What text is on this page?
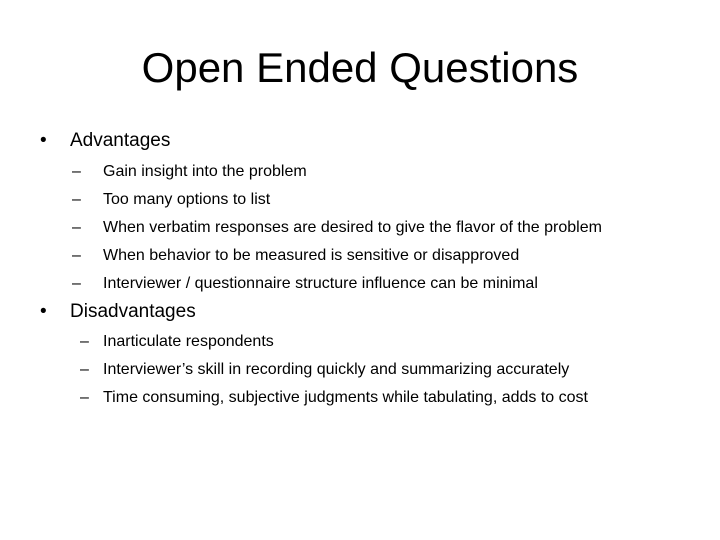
Open Ended Questions
• Advantages
– Gain insight into the problem
– Too many options to list
– When verbatim responses are desired to give the flavor of the problem
– When behavior to be measured is sensitive or disapproved
– Interviewer / questionnaire structure influence can be minimal
• Disadvantages
– Inarticulate respondents
– Interviewer’s skill in recording quickly and summarizing accurately
– Time consuming, subjective judgments while tabulating, adds to cost
